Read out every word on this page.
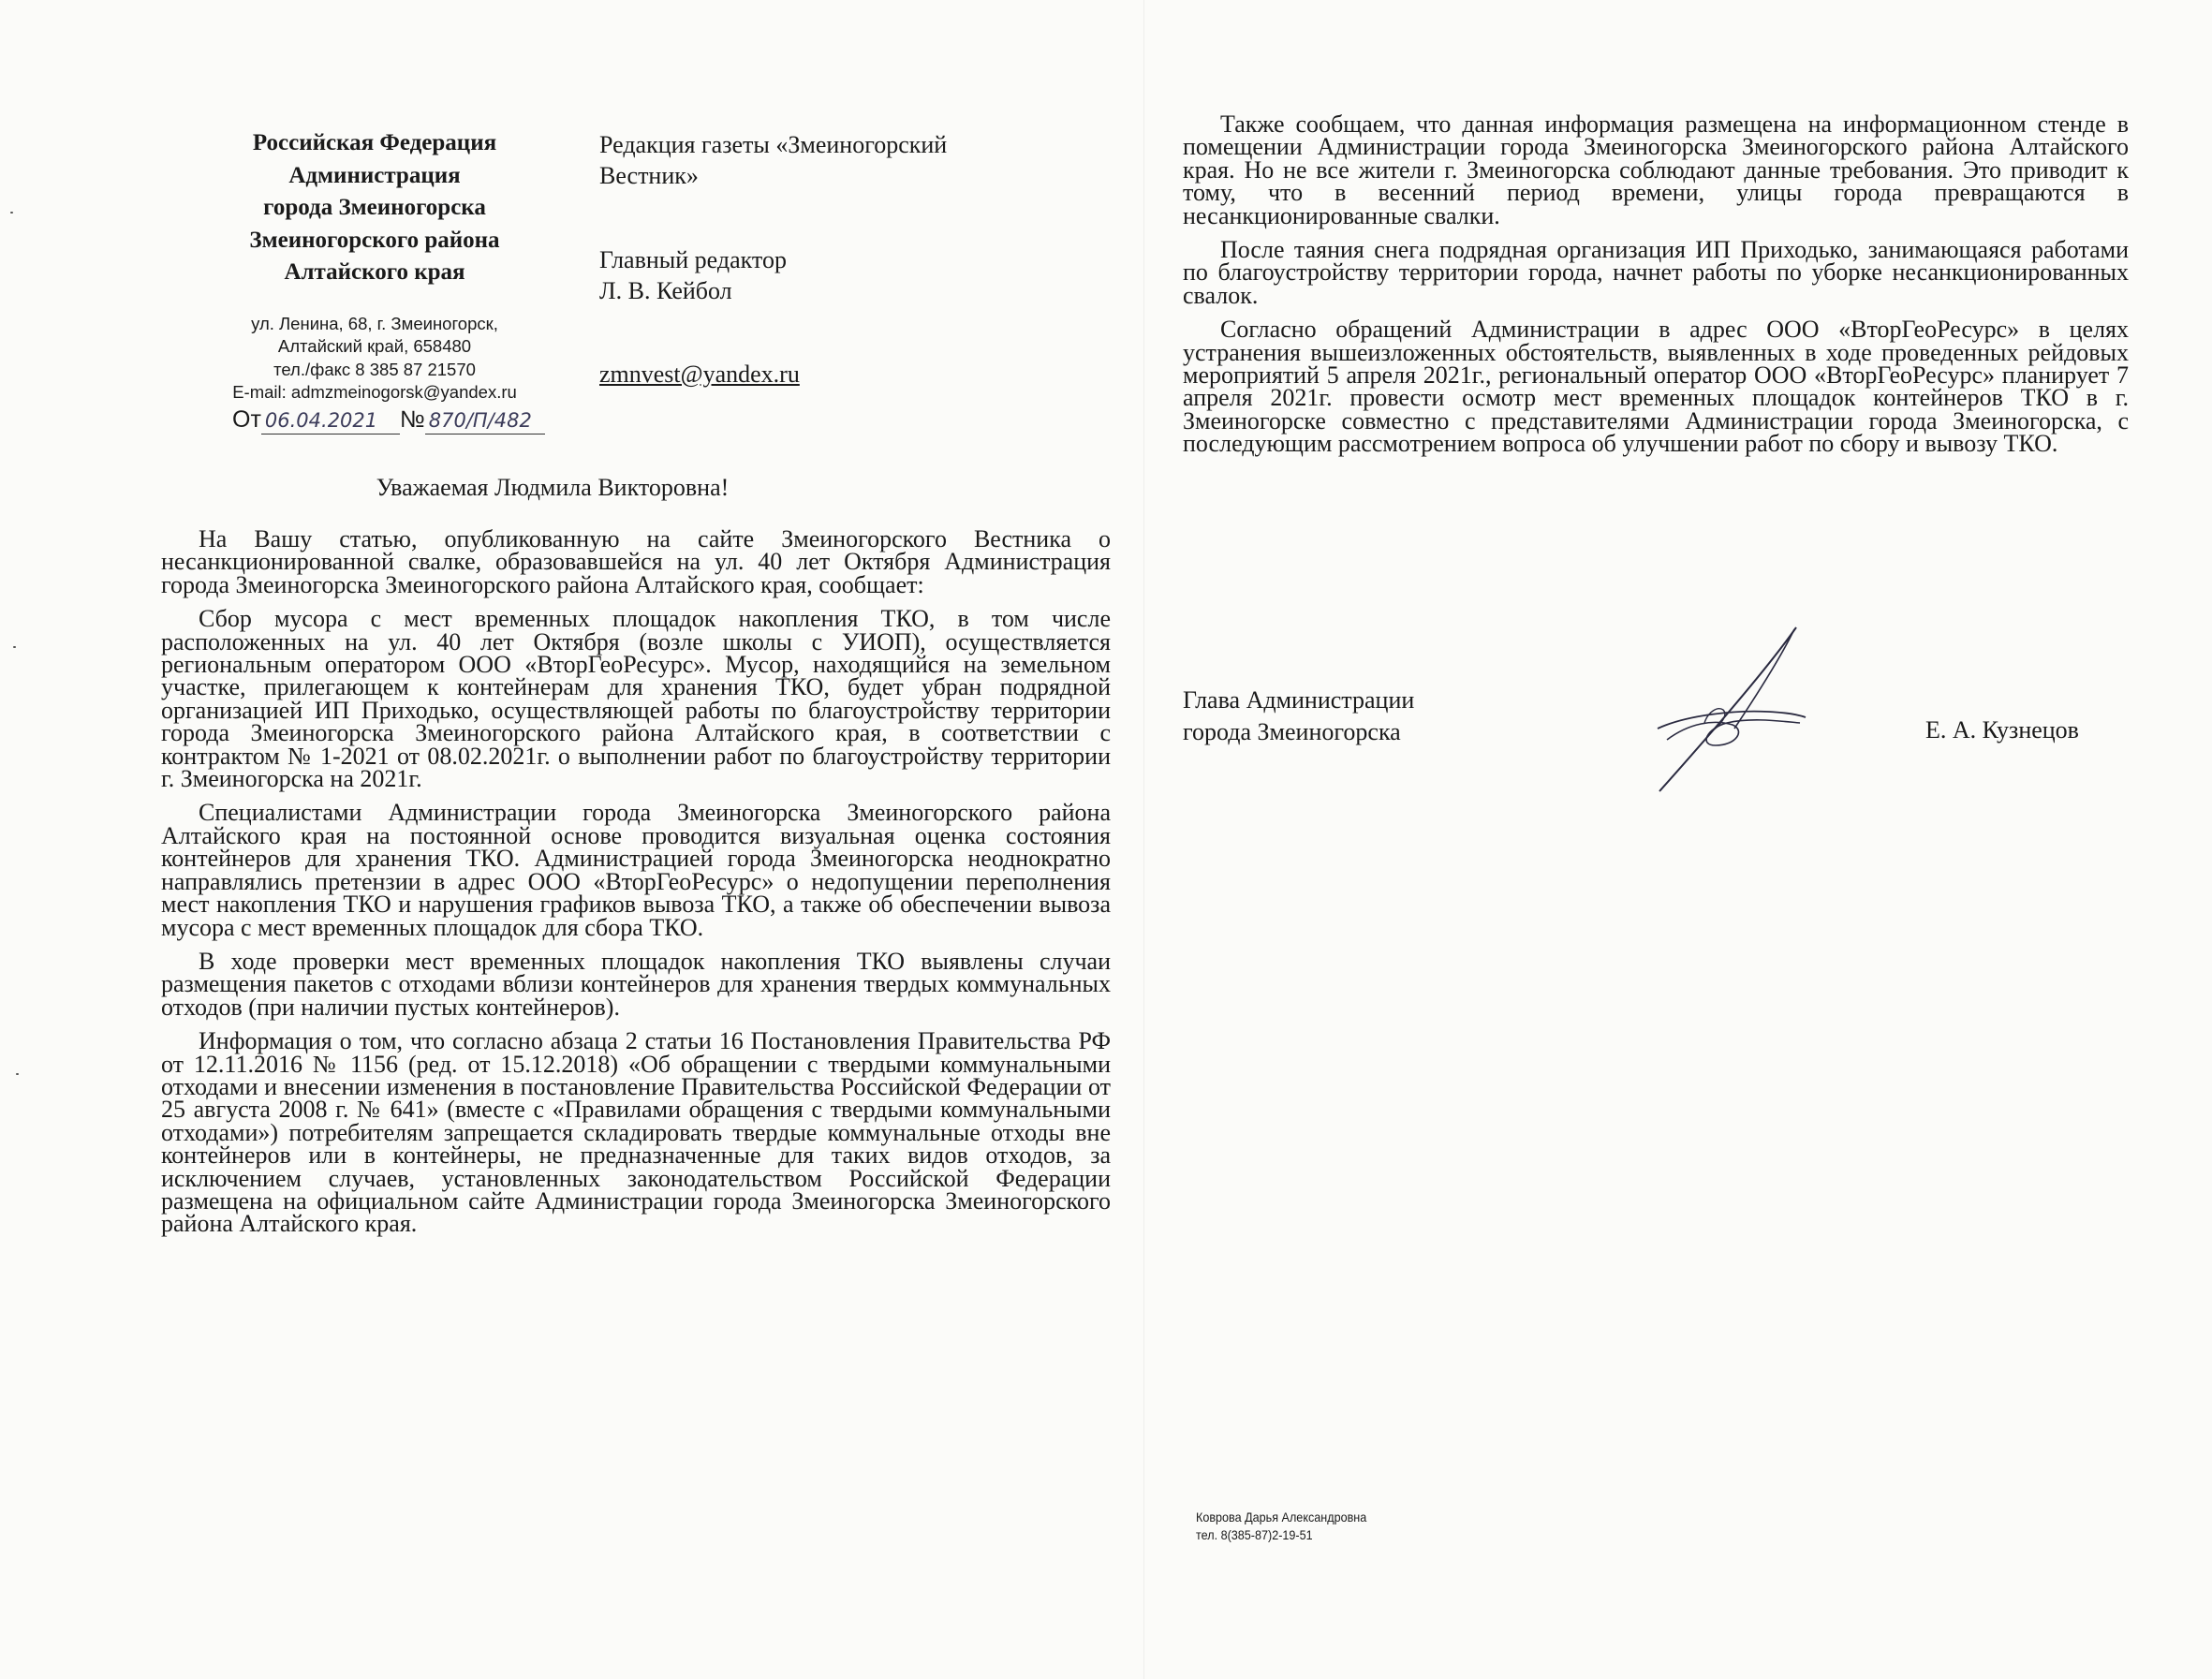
Российская Федерация
Администрация
города Змеиногорска
Змеиногорского района
Алтайского края
ул. Ленина, 68, г. Змеиногорск,
Алтайский край, 658480
тел./факс 8 385 87 21570
E-mail: admzmeinogorsk@yandex.ru
От 06.04.2021 № 870/П/482
Редакция газеты «Змеиногорский
Вестник»
Главный редактор
Л. В. Кейбол
zmnvest@yandex.ru
Уважаемая Людмила Викторовна!

На Вашу статью, опубликованную на сайте Змеиногорского Вестника о несанкционированной свалке, образовавшейся на ул. 40 лет Октября Администрация города Змеиногорска Змеиногорского района Алтайского края, сообщает:

Сбор мусора с мест временных площадок накопления ТКО, в том числе расположенных на ул. 40 лет Октября (возле школы с УИОП), осуществляется региональным оператором ООО «ВторГеоРесурс». Мусор, находящийся на земельном участке, прилегающем к контейнерам для хранения ТКО, будет убран подрядной организацией ИП Приходько, осуществляющей работы по благоустройству территории города Змеиногорска Змеиногорского района Алтайского края, в соответствии с контрактом № 1-2021 от 08.02.2021г. о выполнении работ по благоустройству территории г. Змеиногорска на 2021г.

Специалистами Администрации города Змеиногорска Змеиногорского района Алтайского края на постоянной основе проводится визуальная оценка состояния контейнеров для хранения ТКО. Администрацией города Змеиногорска неоднократно направлялись претензии в адрес ООО «ВторГеоРесурс» о недопущении переполнения мест накопления ТКО и нарушения графиков вывоза ТКО, а также об обеспечении вывоза мусора с мест временных площадок для сбора ТКО.

В ходе проверки мест временных площадок накопления ТКО выявлены случаи размещения пакетов с отходами вблизи контейнеров для хранения твердых коммунальных отходов (при наличии пустых контейнеров).

Информация о том, что согласно абзаца 2 статьи 16 Постановления Правительства РФ от 12.11.2016 № 1156 (ред. от 15.12.2018) «Об обращении с твердыми коммунальными отходами и внесении изменения в постановление Правительства Российской Федерации от 25 августа 2008 г. № 641» (вместе с «Правилами обращения с твердыми коммунальными отходами») потребителям запрещается складировать твердые коммунальные отходы вне контейнеров или в контейнеры, не предназначенные для таких видов отходов, за исключением случаев, установленных законодательством Российской Федерации размещена на официальном сайте Администрации города Змеиногорска Змеиногорского района Алтайского края.

Также сообщаем, что данная информация размещена на информационном стенде в помещении Администрации города Змеиногорска Змеиногорского района Алтайского края. Но не все жители г. Змеиногорска соблюдают данные требования. Это приводит к тому, что в весенний период времени, улицы города превращаются в несанкционированные свалки.

После таяния снега подрядная организация ИП Приходько, занимающаяся работами по благоустройству территории города, начнет работы по уборке несанкционированных свалок.

Согласно обращений Администрации в адрес ООО «ВторГеоРесурс» в целях устранения вышеизложенных обстоятельств, выявленных в ходе проведенных рейдовых мероприятий 5 апреля 2021г., региональный оператор ООО «ВторГеоРесурс» планирует 7 апреля 2021г. провести осмотр мест временных площадок контейнеров ТКО в г. Змеиногорске совместно с представителями Администрации города Змеиногорска, с последующим рассмотрением вопроса об улучшении работ по сбору и вывозу ТКО.

Глава Администрации
города Змеиногорска	Е. А. Кузнецов
Коврова Дарья Александровна
тел. 8(385-87)2-19-51
